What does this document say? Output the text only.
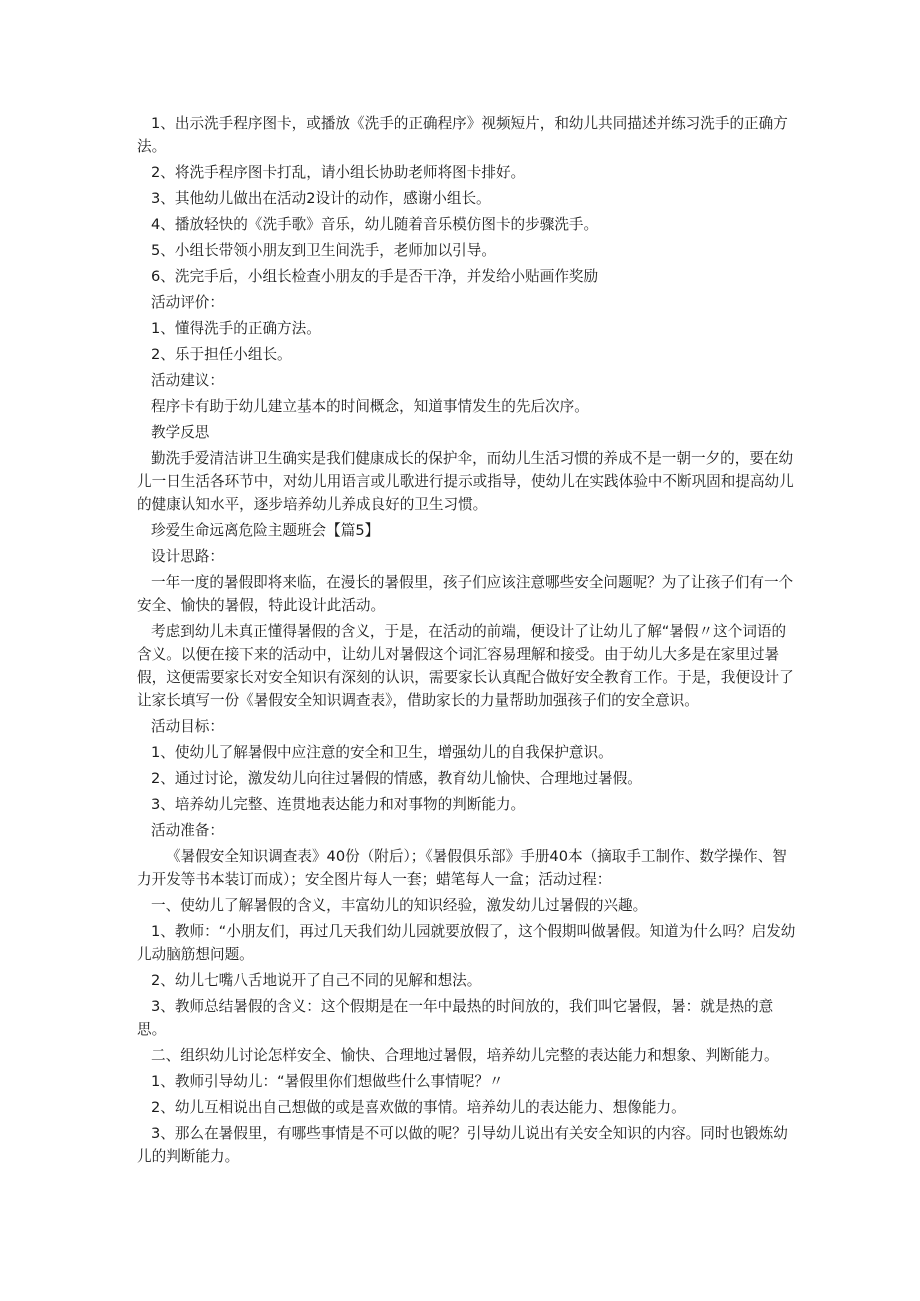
1、出示洗手程序图卡，或播放《洗手的正确程序》视频短片，和幼儿共同描述并练习洗手的正确方法。

2、将洗手程序图卡打乱，请小组长协助老师将图卡排好。

3、其他幼儿做出在活动2设计的动作，感谢小组长。

4、播放轻快的《洗手歌》音乐，幼儿随着音乐模仿图卡的步骤洗手。

5、小组长带领小朋友到卫生间洗手，老师加以引导。

6、洗完手后，小组长检查小朋友的手是否干净，并发给小贴画作奖励

活动评价：

1、懂得洗手的正确方法。

2、乐于担任小组长。

活动建议：

程序卡有助于幼儿建立基本的时间概念，知道事情发生的先后次序。

教学反思

勤洗手爱清洁讲卫生确实是我们健康成长的保护伞，而幼儿生活习惯的养成不是一朝一夕的，要在幼儿一日生活各环节中，对幼儿用语言或儿歌进行提示或指导，使幼儿在实践体验中不断巩固和提高幼儿的健康认知水平，逐步培养幼儿养成良好的卫生习惯。

珍爱生命远离危险主题班会【篇5】

设计思路：

一年一度的暑假即将来临，在漫长的暑假里，孩子们应该注意哪些安全问题呢？为了让孩子们有一个安全、愉快的暑假，特此设计此活动。

考虑到幼儿未真正懂得暑假的含义，于是，在活动的前端，便设计了让幼儿了解“暑假〃这个词语的含义。以便在接下来的活动中，让幼儿对暑假这个词汇容易理解和接受。由于幼儿大多是在家里过暑假，这便需要家长对安全知识有深刻的认识，需要家长认真配合做好安全教育工作。于是，我便设计了让家长填写一份《暑假安全知识调查表》，借助家长的力量帮助加强孩子们的安全意识。

活动目标：

1、使幼儿了解暑假中应注意的安全和卫生，增强幼儿的自我保护意识。

2、通过讨论，激发幼儿向往过暑假的情感，教育幼儿愉快、合理地过暑假。

3、培养幼儿完整、连贯地表达能力和对事物的判断能力。

活动准备：

《暑假安全知识调查表》40份（附后）；《暑假俱乐部》手册40本（摘取手工制作、数学操作、智力开发等书本装订而成）；安全图片每人一套；蜡笔每人一盒；活动过程：

一、使幼儿了解暑假的含义，丰富幼儿的知识经验，激发幼儿过暑假的兴趣。

1、教师：“小朋友们，再过几天我们幼儿园就要放假了，这个假期叫做暑假。知道为什么吗？启发幼儿动脑筋想问题。

2、幼儿七嘴八舌地说开了自己不同的见解和想法。

3、教师总结暑假的含义：这个假期是在一年中最热的时间放的，我们叫它暑假，暑：就是热的意思。

二、组织幼儿讨论怎样安全、愉快、合理地过暑假，培养幼儿完整的表达能力和想象、判断能力。

1、教师引导幼儿：“暑假里你们想做些什么事情呢？〃

2、幼儿互相说出自己想做的或是喜欢做的事情。培养幼儿的表达能力、想像能力。

3、那么在暑假里，有哪些事情是不可以做的呢？引导幼儿说出有关安全知识的内容。同时也锻炼幼儿的判断能力。
